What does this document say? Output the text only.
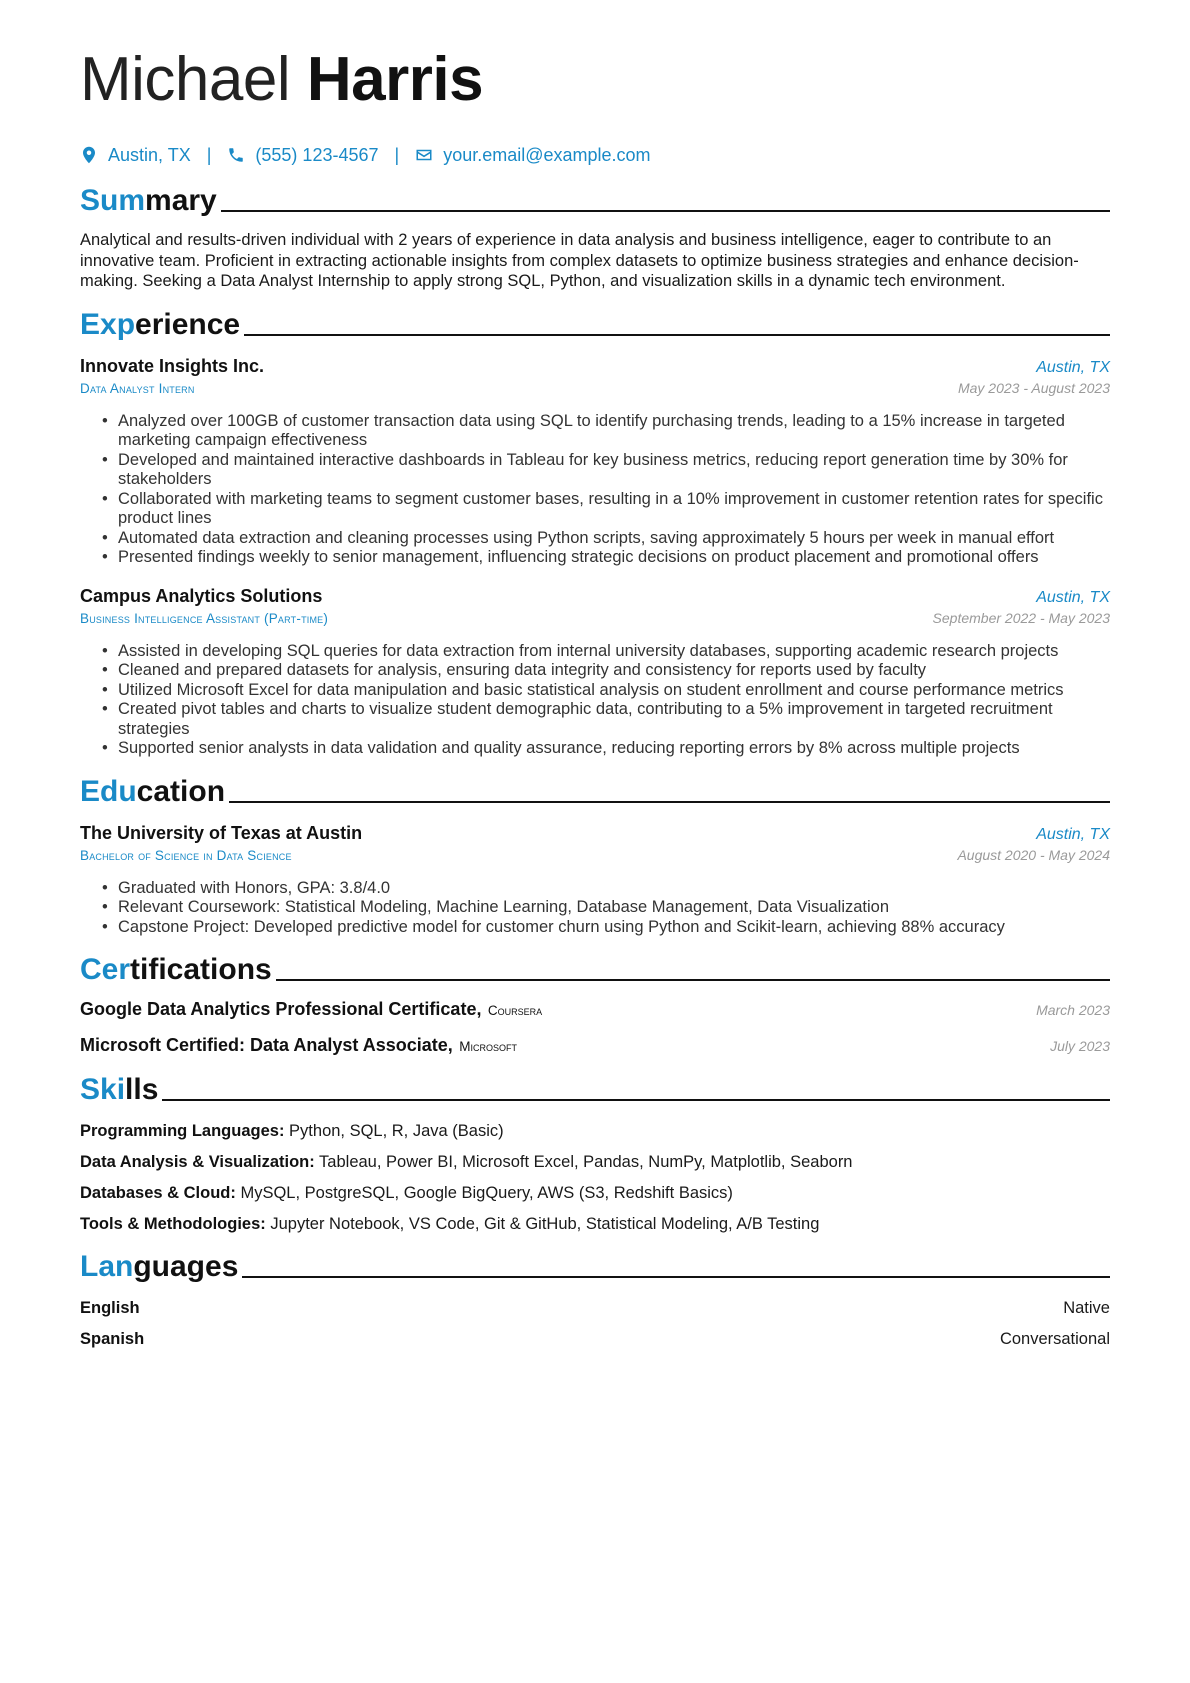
Michael Harris
Austin, TX | (555) 123-4567 | your.email@example.com
Summary
Analytical and results-driven individual with 2 years of experience in data analysis and business intelligence, eager to contribute to an innovative team. Proficient in extracting actionable insights from complex datasets to optimize business strategies and enhance decision-making. Seeking a Data Analyst Internship to apply strong SQL, Python, and visualization skills in a dynamic tech environment.
Experience
Innovate Insights Inc.	Austin, TX
Data Analyst Intern	May 2023 - August 2023
• Analyzed over 100GB of customer transaction data using SQL to identify purchasing trends, leading to a 15% increase in targeted marketing campaign effectiveness
• Developed and maintained interactive dashboards in Tableau for key business metrics, reducing report generation time by 30% for stakeholders
• Collaborated with marketing teams to segment customer bases, resulting in a 10% improvement in customer retention rates for specific product lines
• Automated data extraction and cleaning processes using Python scripts, saving approximately 5 hours per week in manual effort
• Presented findings weekly to senior management, influencing strategic decisions on product placement and promotional offers
Campus Analytics Solutions	Austin, TX
Business Intelligence Assistant (Part-time)	September 2022 - May 2023
• Assisted in developing SQL queries for data extraction from internal university databases, supporting academic research projects
• Cleaned and prepared datasets for analysis, ensuring data integrity and consistency for reports used by faculty
• Utilized Microsoft Excel for data manipulation and basic statistical analysis on student enrollment and course performance metrics
• Created pivot tables and charts to visualize student demographic data, contributing to a 5% improvement in targeted recruitment strategies
• Supported senior analysts in data validation and quality assurance, reducing reporting errors by 8% across multiple projects
Education
The University of Texas at Austin	Austin, TX
Bachelor of Science in Data Science	August 2020 - May 2024
• Graduated with Honors, GPA: 3.8/4.0
• Relevant Coursework: Statistical Modeling, Machine Learning, Database Management, Data Visualization
• Capstone Project: Developed predictive model for customer churn using Python and Scikit-learn, achieving 88% accuracy
Certifications
Google Data Analytics Professional Certificate, Coursera	March 2023
Microsoft Certified: Data Analyst Associate, Microsoft	July 2023
Skills
Programming Languages: Python, SQL, R, Java (Basic)
Data Analysis & Visualization: Tableau, Power BI, Microsoft Excel, Pandas, NumPy, Matplotlib, Seaborn
Databases & Cloud: MySQL, PostgreSQL, Google BigQuery, AWS (S3, Redshift Basics)
Tools & Methodologies: Jupyter Notebook, VS Code, Git & GitHub, Statistical Modeling, A/B Testing
Languages
English	Native
Spanish	Conversational
